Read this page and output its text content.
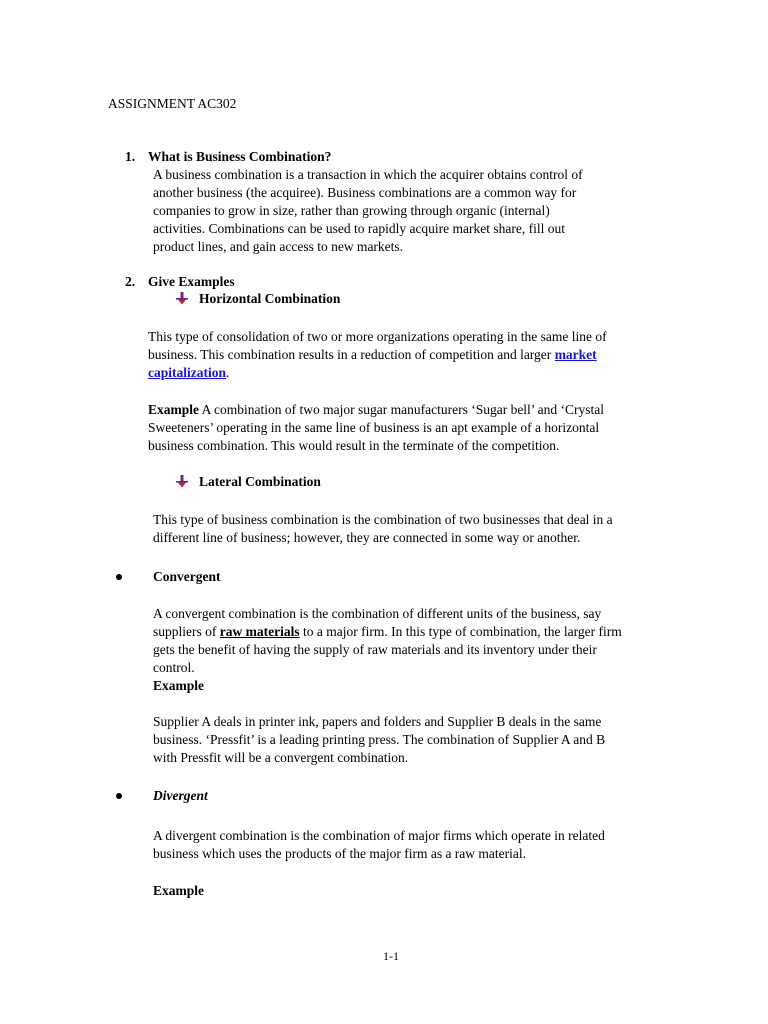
ASSIGNMENT AC302
1. What is Business Combination?
A business combination is a transaction in which the acquirer obtains control of
another business (the acquiree). Business combinations are a common way for
companies to grow in size, rather than growing through organic (internal)
activities. Combinations can be used to rapidly acquire market share, fill out
product lines, and gain access to new markets.
2. Give Examples
Horizontal Combination
This type of consolidation of two or more organizations operating in the same line of
business. This combination results in a reduction of competition and larger market
capitalization.
Example A combination of two major sugar manufacturers ‘Sugar bell’ and ‘Crystal
Sweeteners’ operating in the same line of business is an apt example of a horizontal
business combination. This would result in the terminate of the competition.
Lateral Combination
This type of business combination is the combination of two businesses that deal in a
different line of business; however, they are connected in some way or another.
Convergent
A convergent combination is the combination of different units of the business, say
suppliers of raw materials to a major firm. In this type of combination, the larger firm
gets the benefit of having the supply of raw materials and its inventory under their
control.
Example
Supplier A deals in printer ink, papers and folders and Supplier B deals in the same
business. ‘Pressfit’ is a leading printing press. The combination of Supplier A and B
with Pressfit will be a convergent combination.
Divergent
A divergent combination is the combination of major firms which operate in related
business which uses the products of the major firm as a raw material.
Example
1-1
